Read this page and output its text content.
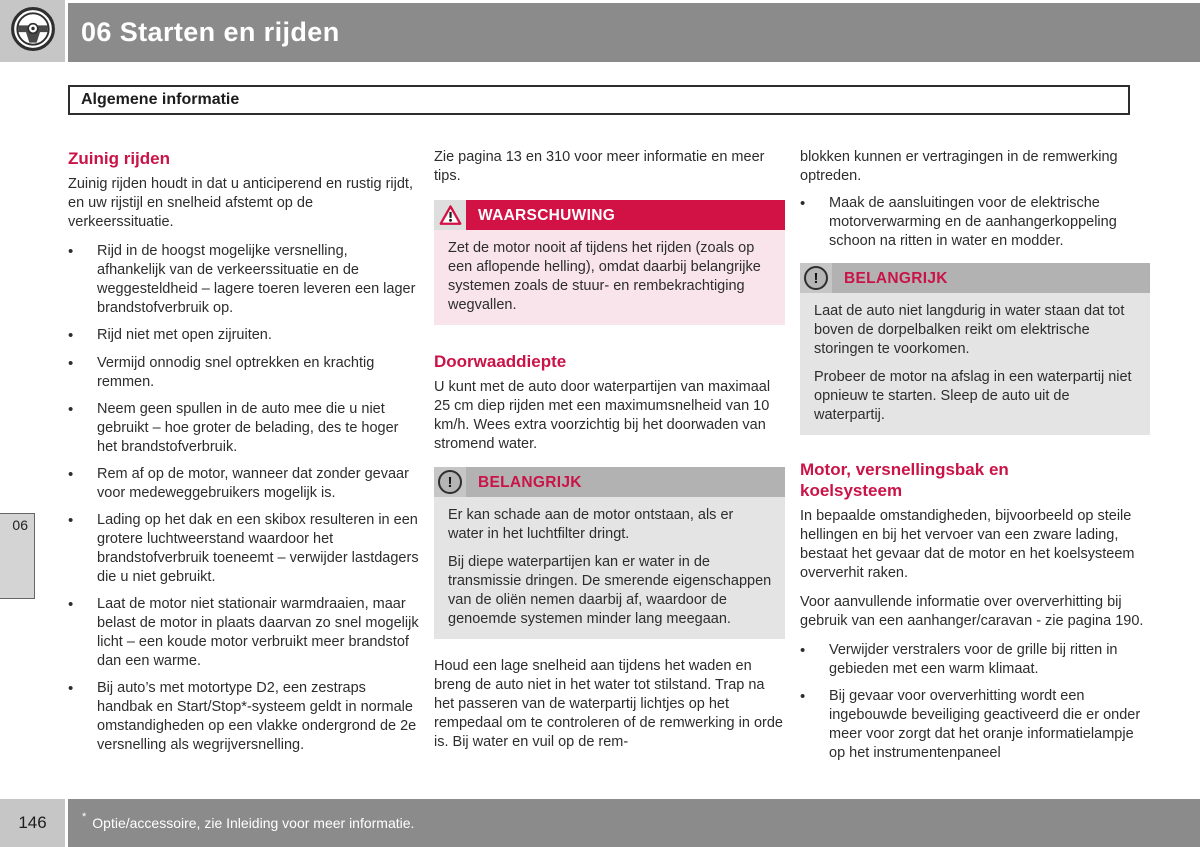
06 Starten en rijden
Algemene informatie
Zuinig rijden

Zuinig rijden houdt in dat u anticiperend en rustig rijdt, en uw rijstijl en snelheid afstemt op de verkeerssituatie.

•
Rijd in de hoogst mogelijke versnelling, afhankelijk van de verkeerssituatie en de weggesteldheid – lagere toeren leveren een lager brandstofverbruik op.
•
Rijd niet met open zijruiten.
•
Vermijd onnodig snel optrekken en krachtig remmen.
•
Neem geen spullen in de auto mee die u niet gebruikt – hoe groter de belading, des te hoger het brandstofverbruik.
•
Rem af op de motor, wanneer dat zonder gevaar voor medeweggebruikers mogelijk is.
•
Lading op het dak en een skibox resulteren in een grotere luchtweerstand waardoor het brandstofverbruik toeneemt – verwijder lastdagers die u niet gebruikt.
•
Laat de motor niet stationair warmdraaien, maar belast de motor in plaats daarvan zo snel mogelijk licht – een koude motor verbruikt meer brandstof dan een warme.
•
Bij auto’s met motortype D2, een zestraps handbak en Start/Stop*-systeem geldt in normale omstandigheden op een vlakke ondergrond de 2e versnelling als wegrijversnelling.

Zie pagina 13 en 310 voor meer informatie en meer tips.

WAARSCHUWING

Zet de motor nooit af tijdens het rijden (zoals op een aflopende helling), omdat daarbij belangrijke systemen zoals de stuur- en rembekrachtiging wegvallen.

Doorwaaddiepte

U kunt met de auto door waterpartijen van maximaal 25 cm diep rijden met een maximumsnelheid van 10 km/h. Wees extra voorzichtig bij het doorwaden van stromend water.

!
BELANGRIJK

Er kan schade aan de motor ontstaan, als er water in het luchtfilter dringt.

Bij diepe waterpartijen kan er water in de transmissie dringen. De smerende eigenschappen van de oliën nemen daarbij af, waardoor de genoemde systemen minder lang meegaan.

Houd een lage snelheid aan tijdens het waden en breng de auto niet in het water tot stilstand. Trap na het passeren van de waterpartij lichtjes op het rempedaal om te controleren of de remwerking in orde is. Bij water en vuil op de rem-

blokken kunnen er vertragingen in de remwerking optreden.

•
Maak de aansluitingen voor de elektrische motorverwarming en de aanhangerkoppeling schoon na ritten in water en modder.
!
BELANGRIJK

Laat de auto niet langdurig in water staan dat tot boven de dorpelbalken reikt om elektrische storingen te voorkomen.

Probeer de motor na afslag in een waterpartij niet opnieuw te starten. Sleep de auto uit de waterpartij.

Motor, versnellingsbak en koelsysteem

In bepaalde omstandigheden, bijvoorbeeld op steile hellingen en bij het vervoer van een zware lading, bestaat het gevaar dat de motor en het koelsysteem oververhit raken.

Voor aanvullende informatie over oververhitting bij gebruik van een aanhanger/caravan - zie pagina 190.

•
Verwijder verstralers voor de grille bij ritten in gebieden met een warm klimaat.
•
Bij gevaar voor oververhitting wordt een ingebouwde beveiliging geactiveerd die er onder meer voor zorgt dat het oranje informatielampje op het instrumentenpaneel
06
146	* Optie/accessoire, zie Inleiding voor meer informatie.
